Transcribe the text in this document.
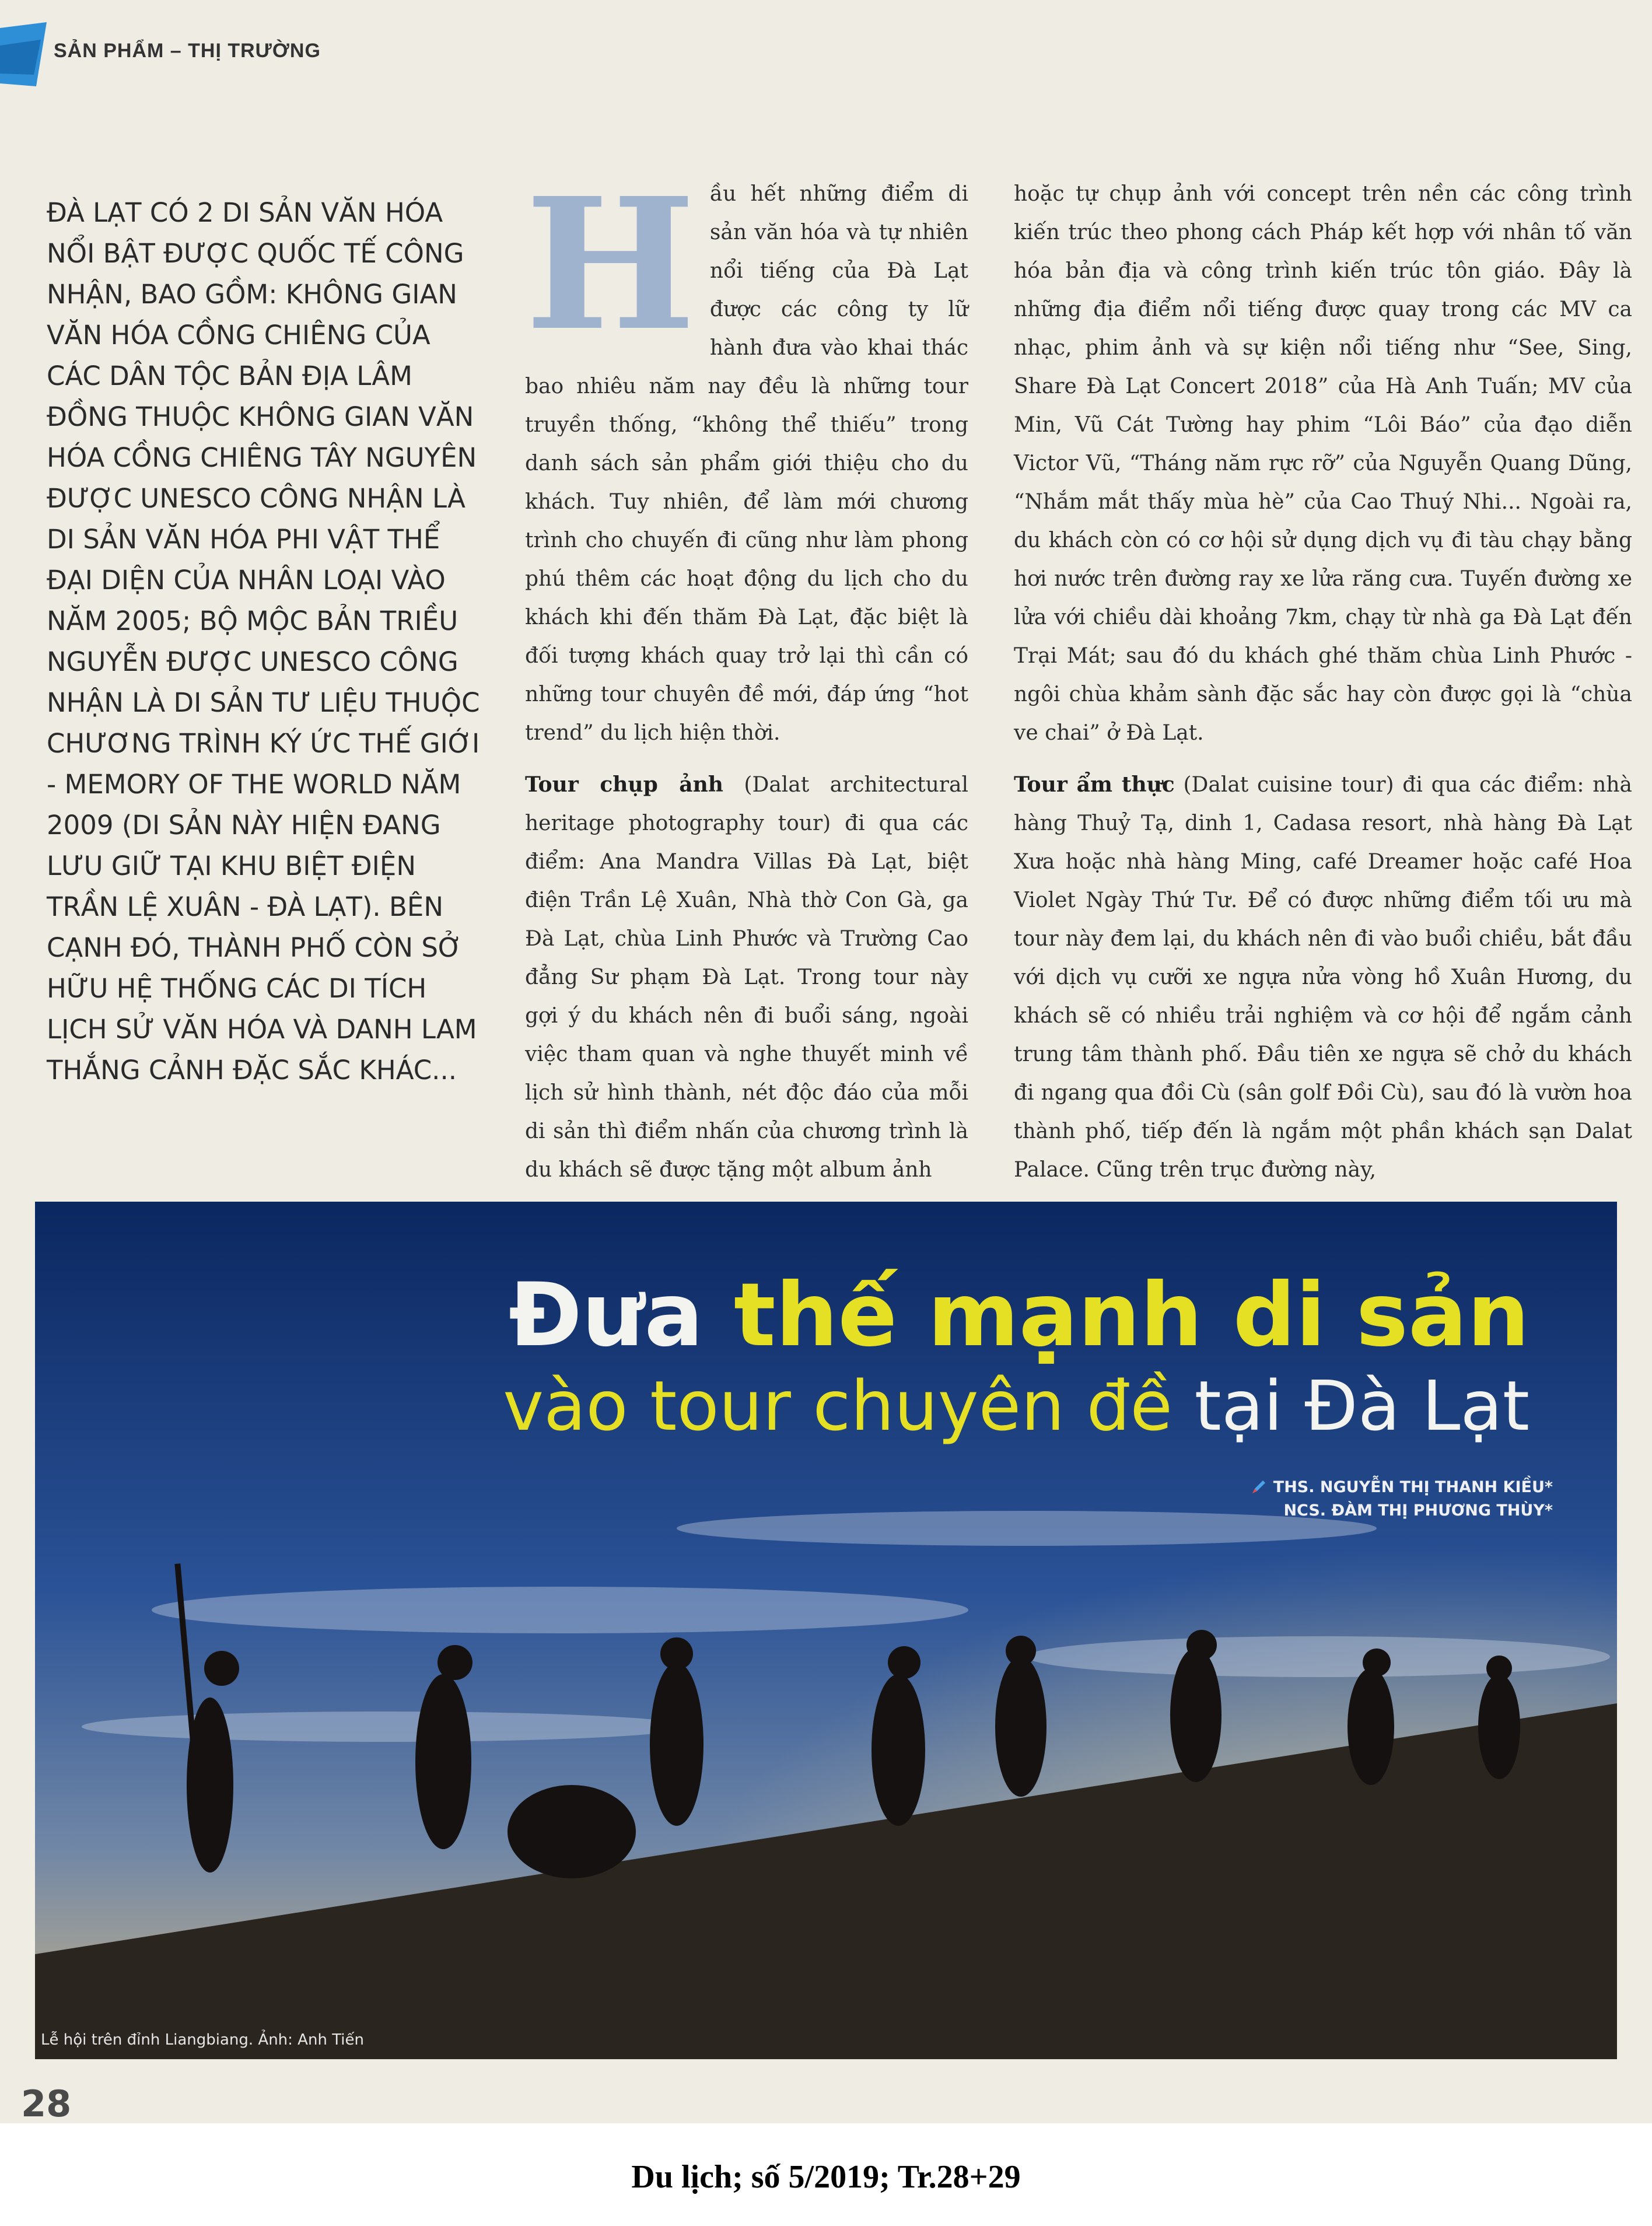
SẢN PHẨM – THỊ TRƯỜNG
ĐÀ LẠT CÓ 2 DI SẢN VĂN HÓA NỔI BẬT ĐƯỢC QUỐC TẾ CÔNG NHẬN, BAO GỒM: KHÔNG GIAN VĂN HÓA CỒNG CHIÊNG CỦA CÁC DÂN TỘC BẢN ĐỊA LÂM ĐỒNG THUỘC KHÔNG GIAN VĂN HÓA CỒNG CHIÊNG TÂY NGUYÊN ĐƯỢC UNESCO CÔNG NHẬN LÀ DI SẢN VĂN HÓA PHI VẬT THỂ ĐẠI DIỆN CỦA NHÂN LOẠI VÀO NĂM 2005; BỘ MỘC BẢN TRIỀU NGUYỄN ĐƯỢC UNESCO CÔNG NHẬN LÀ DI SẢN TƯ LIỆU THUỘC CHƯƠNG TRÌNH KÝ ỨC THẾ GIỚI - MEMORY OF THE WORLD NĂM 2009 (DI SẢN NÀY HIỆN ĐANG LƯU GIỮ TẠI KHU BIỆT ĐIỆN TRẦN LỆ XUÂN - ĐÀ LẠT). BÊN CẠNH ĐÓ, THÀNH PHỐ CÒN SỞ HỮU HỆ THỐNG CÁC DI TÍCH LỊCH SỬ VĂN HÓA VÀ DANH LAM THẮNG CẢNH ĐẶC SẮC KHÁC...

Hầu hết những điểm di sản văn hóa và tự nhiên nổi tiếng của Đà Lạt được các công ty lữ hành đưa vào khai thác bao nhiêu năm nay đều là những tour truyền thống, “không thể thiếu” trong danh sách sản phẩm giới thiệu cho du khách. Tuy nhiên, để làm mới chương trình cho chuyến đi cũng như làm phong phú thêm các hoạt động du lịch cho du khách khi đến thăm Đà Lạt, đặc biệt là đối tượng khách quay trở lại thì cần có những tour chuyên đề mới, đáp ứng “hot trend” du lịch hiện thời.

Tour chụp ảnh (Dalat architectural heritage photography tour) đi qua các điểm: Ana Mandra Villas Đà Lạt, biệt điện Trần Lệ Xuân, Nhà thờ Con Gà, ga Đà Lạt, chùa Linh Phước và Trường Cao đẳng Sư phạm Đà Lạt. Trong tour này gợi ý du khách nên đi buổi sáng, ngoài việc tham quan và nghe thuyết minh về lịch sử hình thành, nét độc đáo của mỗi di sản thì điểm nhấn của chương trình là du khách sẽ được tặng một album ảnh

hoặc tự chụp ảnh với concept trên nền các công trình kiến trúc theo phong cách Pháp kết hợp với nhân tố văn hóa bản địa và công trình kiến trúc tôn giáo. Đây là những địa điểm nổi tiếng được quay trong các MV ca nhạc, phim ảnh và sự kiện nổi tiếng như “See, Sing, Share Đà Lạt Concert 2018” của Hà Anh Tuấn; MV của Min, Vũ Cát Tường hay phim “Lôi Báo” của đạo diễn Victor Vũ, “Tháng năm rực rỡ” của Nguyễn Quang Dũng, “Nhắm mắt thấy mùa hè” của Cao Thuý Nhi... Ngoài ra, du khách còn có cơ hội sử dụng dịch vụ đi tàu chạy bằng hơi nước trên đường ray xe lửa răng cưa. Tuyến đường xe lửa với chiều dài khoảng 7km, chạy từ nhà ga Đà Lạt đến Trại Mát; sau đó du khách ghé thăm chùa Linh Phước - ngôi chùa khảm sành đặc sắc hay còn được gọi là “chùa ve chai” ở Đà Lạt.

Tour ẩm thực (Dalat cuisine tour) đi qua các điểm: nhà hàng Thuỷ Tạ, dinh 1, Cadasa resort, nhà hàng Đà Lạt Xưa hoặc nhà hàng Ming, café Dreamer hoặc café Hoa Violet Ngày Thứ Tư. Để có được những điểm tối ưu mà tour này đem lại, du khách nên đi vào buổi chiều, bắt đầu với dịch vụ cưỡi xe ngựa nửa vòng hồ Xuân Hương, du khách sẽ có nhiều trải nghiệm và cơ hội để ngắm cảnh trung tâm thành phố. Đầu tiên xe ngựa sẽ chở du khách đi ngang qua đồi Cù (sân golf Đồi Cù), sau đó là vườn hoa thành phố, tiếp đến là ngắm một phần khách sạn Dalat Palace. Cũng trên trục đường này,

Đưa thế mạnh di sản
vào tour chuyên đề tại Đà Lạt
THS. NGUYỄN THỊ THANH KIỀU*
NCS. ĐÀM THỊ PHƯƠNG THÙY*
Lễ hội trên đỉnh Liangbiang. Ảnh: Anh Tiến
28
Du lịch; số 5/2019; Tr.28+29
